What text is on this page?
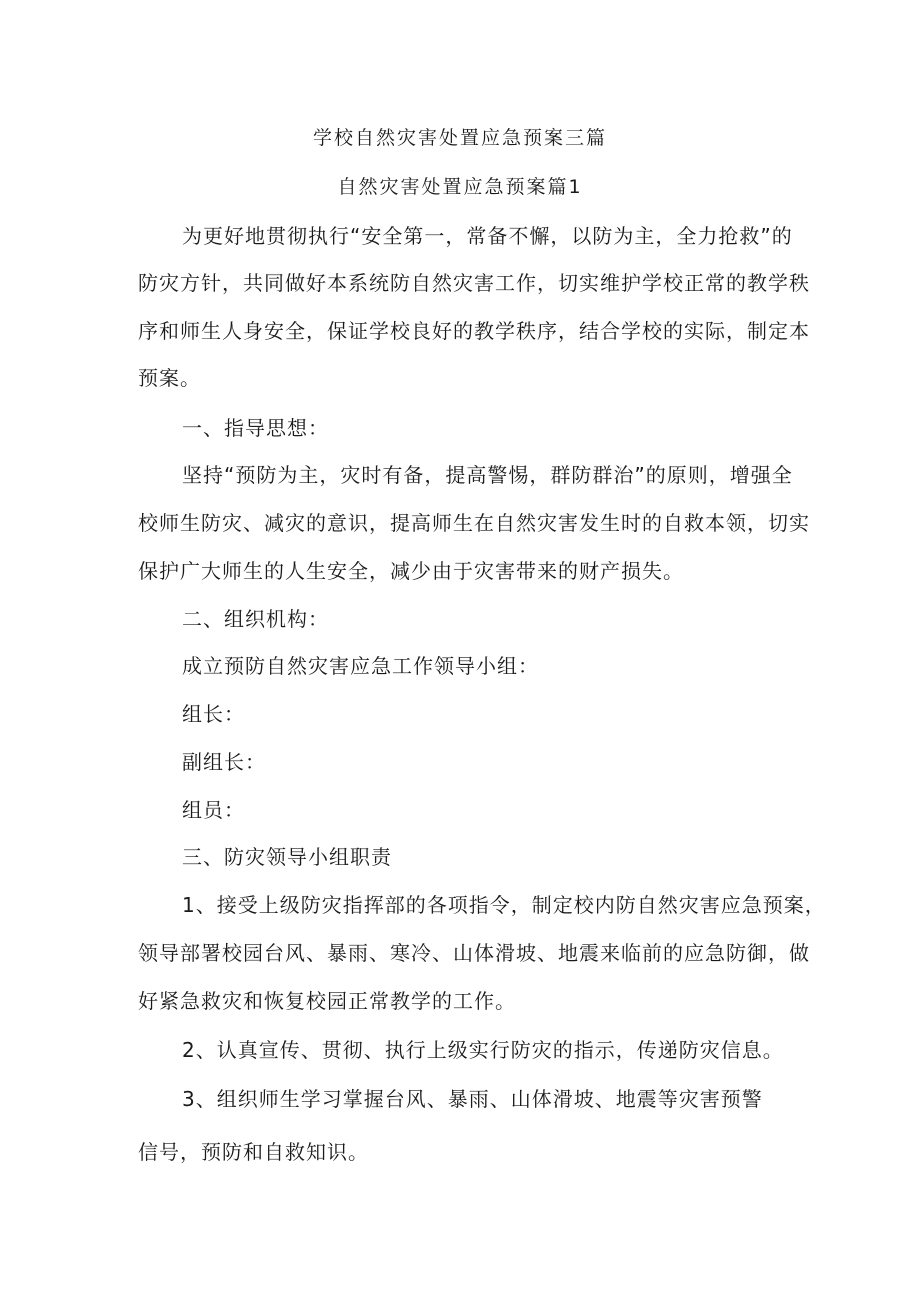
学校自然灾害处置应急预案三篇
自然灾害处置应急预案篇1
为更好地贯彻执行“安全第一，常备不懈，以防为主，全力抢救”的
防灾方针，共同做好本系统防自然灾害工作，切实维护学校正常的教学秩
序和师生人身安全，保证学校良好的教学秩序，结合学校的实际，制定本
预案。
一、指导思想：
坚持“预防为主，灾时有备，提高警惕，群防群治”的原则，增强全
校师生防灾、减灾的意识，提高师生在自然灾害发生时的自救本领，切实
保护广大师生的人生安全，减少由于灾害带来的财产损失。
二、组织机构：
成立预防自然灾害应急工作领导小组：
组长：
副组长：
组员：
三、防灾领导小组职责
1、接受上级防灾指挥部的各项指令，制定校内防自然灾害应急预案，
领导部署校园台风、暴雨、寒冷、山体滑坡、地震来临前的应急防御，做
好紧急救灾和恢复校园正常教学的工作。
2、认真宣传、贯彻、执行上级实行防灾的指示，传递防灾信息。
3、组织师生学习掌握台风、暴雨、山体滑坡、地震等灾害预警
信号，预防和自救知识。
